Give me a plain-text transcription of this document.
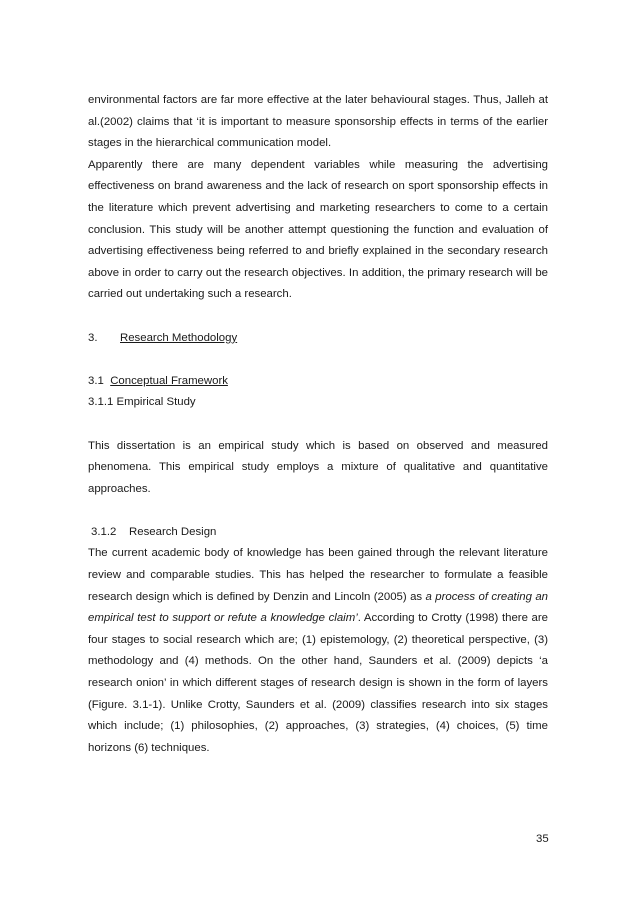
environmental factors are far more effective at the later behavioural stages. Thus, Jalleh at al.(2002) claims that ‘it is important to measure sponsorship effects in terms of the earlier stages in the hierarchical communication model.

Apparently there are many dependent variables while measuring the advertising effectiveness on brand awareness and the lack of research on sport sponsorship effects in the literature which prevent advertising and marketing researchers to come to a certain conclusion. This study will be another attempt questioning the function and evaluation of advertising effectiveness being referred to and briefly explained in the secondary research above in order to carry out the research objectives. In addition, the primary research will be carried out undertaking such a research.

3. Research Methodology

3.1 Conceptual Framework

3.1.1 Empirical Study

This dissertation is an empirical study which is based on observed and measured phenomena. This empirical study employs a mixture of qualitative and quantitative approaches.

3.1.2 Research Design

The current academic body of knowledge has been gained through the relevant literature review and comparable studies. This has helped the researcher to formulate a feasible research design which is defined by Denzin and Lincoln (2005) as a process of creating an empirical test to support or refute a knowledge claim’. According to Crotty (1998) there are four stages to social research which are; (1) epistemology, (2) theoretical perspective, (3) methodology and (4) methods. On the other hand, Saunders et al. (2009) depicts ‘a research onion’ in which different stages of research design is shown in the form of layers (Figure. 3.1-1). Unlike Crotty, Saunders et al. (2009) classifies research into six stages which include; (1) philosophies, (2) approaches, (3) strategies, (4) choices, (5) time horizons (6) techniques.

35
